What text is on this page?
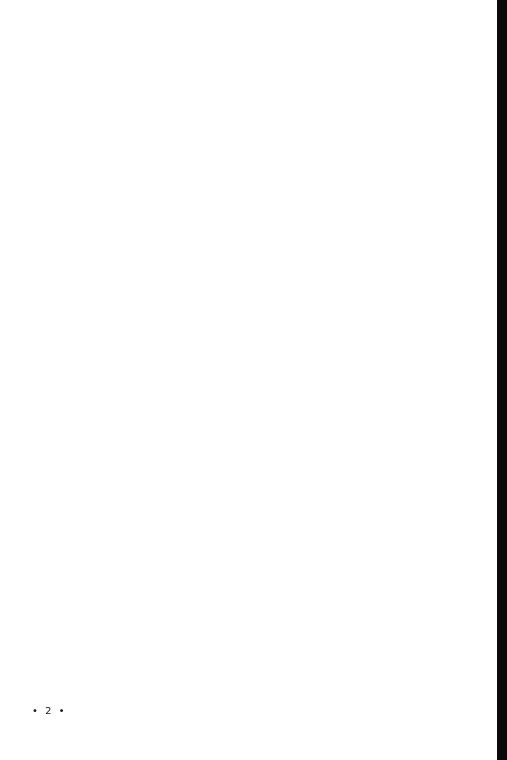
• 2 •
